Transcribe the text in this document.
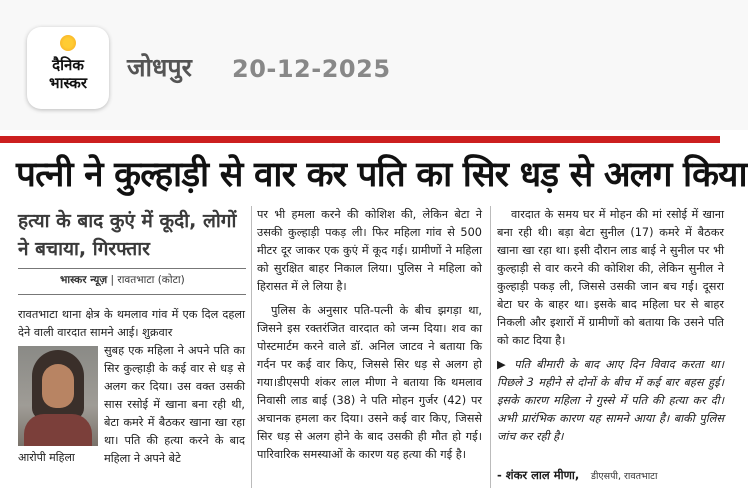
दैनिक
भास्कर
जोधपुर 20-12-2025
पत्नी ने कुल्हाड़ी से वार कर पति का सिर धड़ से अलग किया
हत्या के बाद कुएं में कूदी, लोगों ने बचाया, गिरफ्तार
भास्कर न्यूज़ | रावतभाटा (कोटा)

रावतभाटा थाना क्षेत्र के थमलाव गांव में एक दिल दहला देने वाली वारदात सामने आई। शुक्रवार

आरोपी महिला

सुबह एक महिला ने अपने पति का सिर कुल्हाड़ी के कई वार से धड़ से अलग कर दिया। उस वक्त उसकी सास रसोई में खाना बना रही थी, बेटा कमरे में बैठकर खाना खा रहा था। पति की हत्या करने के बाद महिला ने अपने बेटे

पर भी हमला करने की कोशिश की, लेकिन बेटा ने उसकी कुल्हाड़ी पकड़ ली। फिर महिला गांव से 500 मीटर दूर जाकर एक कुएं में कूद गई। ग्रामीणों ने महिला को सुरक्षित बाहर निकाल लिया। पुलिस ने महिला को हिरासत में ले लिया है।

पुलिस के अनुसार पति-पत्नी के बीच झगड़ा था, जिसने इस रक्तरंजित वारदात को जन्म दिया। शव का पोस्टमार्टम करने वाले डॉ. अनिल जाटव ने बताया कि गर्दन पर कई वार किए, जिससे सिर धड़ से अलग हो गया।डीएसपी शंकर लाल मीणा ने बताया कि थमलाव निवासी लाड बाई (38) ने पति मोहन गुर्जर (42) पर अचानक हमला कर दिया। उसने कई वार किए, जिससे सिर धड़ से अलग होने के बाद उसकी ही मौत हो गई। पारिवारिक समस्याओं के कारण यह हत्या की गई है।

वारदात के समय घर में मोहन की मां रसोई में खाना बना रही थी। बड़ा बेटा सुनील (17) कमरे में बैठकर खाना खा रहा था। इसी दौरान लाड बाई ने सुनील पर भी कुल्हाड़ी से वार करने की कोशिश की, लेकिन सुनील ने कुल्हाड़ी पकड़ ली, जिससे उसकी जान बच गई। दूसरा बेटा घर के बाहर था। इसके बाद महिला घर से बाहर निकली और इशारों में ग्रामीणों को बताया कि उसने पति को काट दिया है।

▶ पति बीमारी के बाद आए दिन विवाद करता था। पिछले 3 महीने से दोनों के बीच में कई बार बहस हुई। इसके कारण महिला ने गुस्से में पति की हत्या कर दी। अभी प्रारंभिक कारण यह सामने आया है। बाकी पुलिस जांच कर रही है।

- शंकर लाल मीणा, डीएसपी, रावतभाटा
